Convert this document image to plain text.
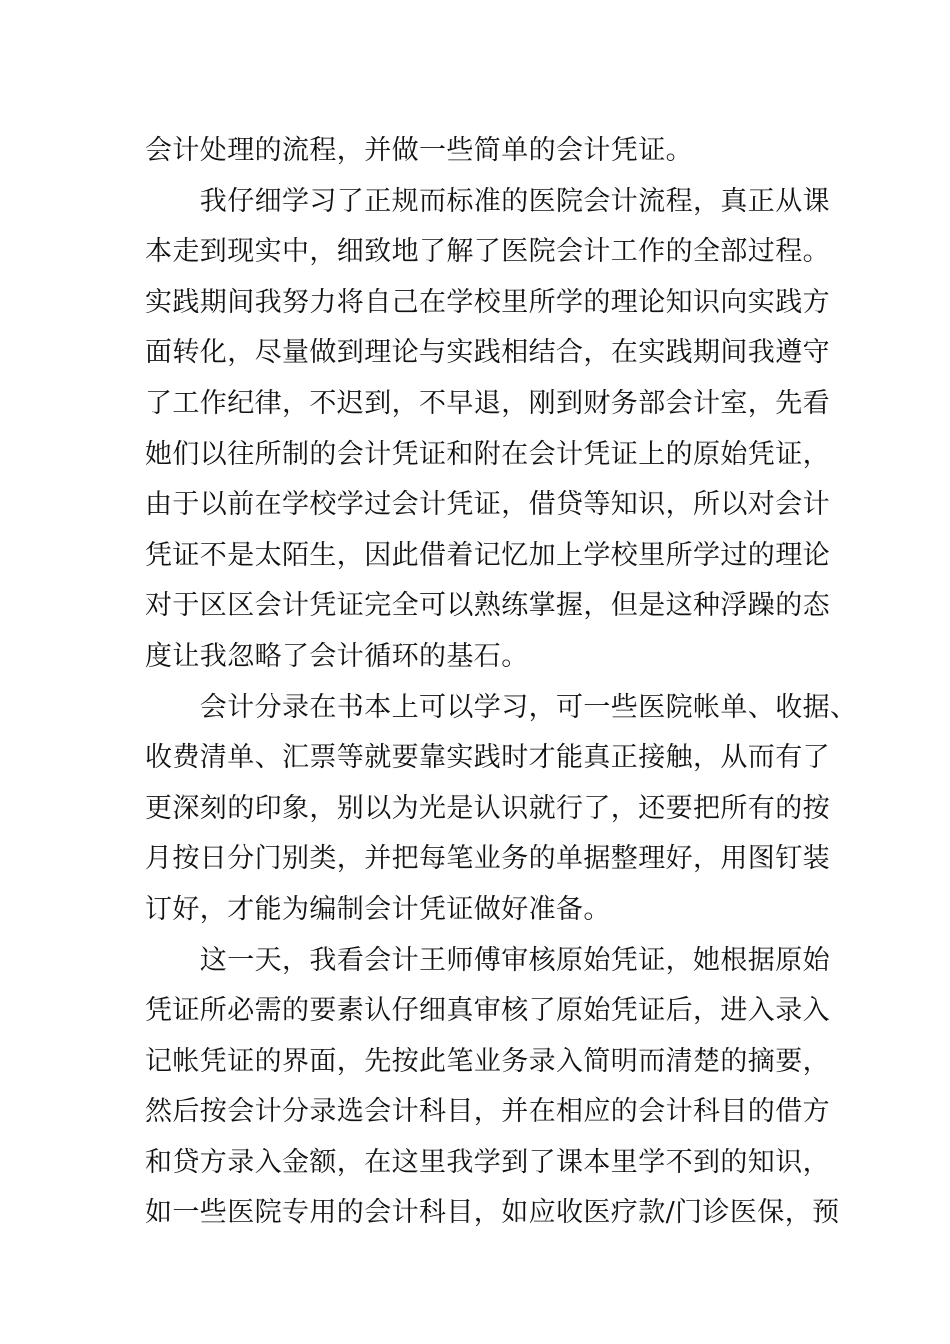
会计处理的流程，并做一些简单的会计凭证。
　　我仔细学习了正规而标准的医院会计流程，真正从课
本走到现实中，细致地了解了医院会计工作的全部过程。
实践期间我努力将自己在学校里所学的理论知识向实践方
面转化，尽量做到理论与实践相结合，在实践期间我遵守
了工作纪律，不迟到，不早退，刚到财务部会计室，先看
她们以往所制的会计凭证和附在会计凭证上的原始凭证，
由于以前在学校学过会计凭证，借贷等知识，所以对会计
凭证不是太陌生，因此借着记忆加上学校里所学过的理论
对于区区会计凭证完全可以熟练掌握，但是这种浮躁的态
度让我忽略了会计循环的基石。
　　会计分录在书本上可以学习，可一些医院帐单、收据、
收费清单、汇票等就要靠实践时才能真正接触，从而有了
更深刻的印象，别以为光是认识就行了，还要把所有的按
月按日分门别类，并把每笔业务的单据整理好，用图钉装
订好，才能为编制会计凭证做好准备。
　　这一天，我看会计王师傅审核原始凭证，她根据原始
凭证所必需的要素认仔细真审核了原始凭证后，进入录入
记帐凭证的界面，先按此笔业务录入简明而清楚的摘要，
然后按会计分录选会计科目，并在相应的会计科目的借方
和贷方录入金额，在这里我学到了课本里学不到的知识，
如一些医院专用的会计科目，如应收医疗款/门诊医保，预
